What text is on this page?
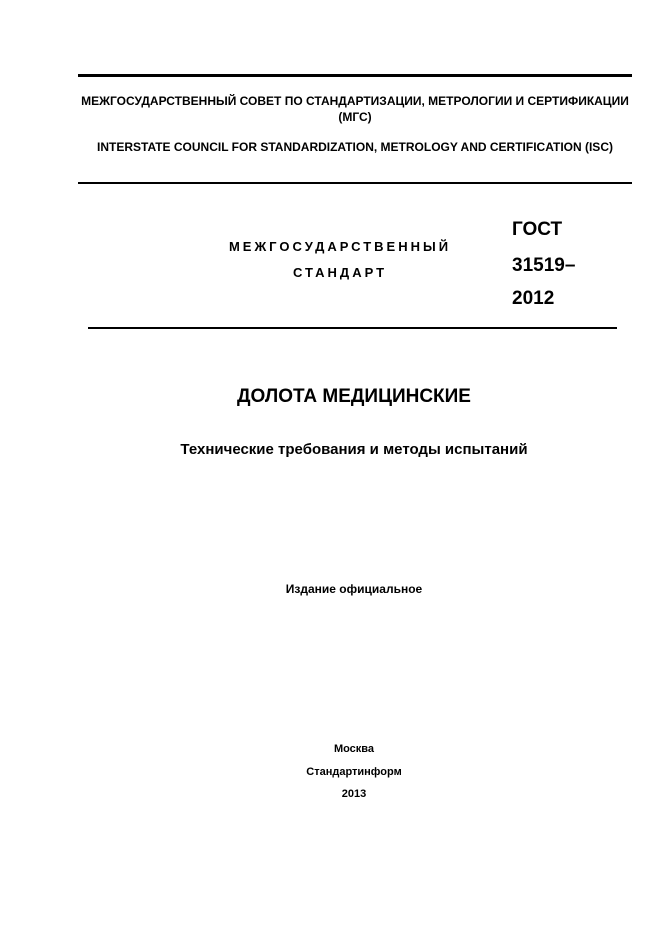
МЕЖГОСУДАРСТВЕННЫЙ СОВЕТ ПО СТАНДАРТИЗАЦИИ, МЕТРОЛОГИИ И СЕРТИФИКАЦИИ (МГС)
INTERSTATE COUNCIL FOR STANDARDIZATION, METROLOGY AND CERTIFICATION (ISC)
МЕЖГОСУДАРСТВЕННЫЙ
СТАНДАРТ
ГОСТ
31519–
2012
ДОЛОТА МЕДИЦИНСКИЕ
Технические требования и методы испытаний
Издание официальное
Москва
Стандартинформ
2013
